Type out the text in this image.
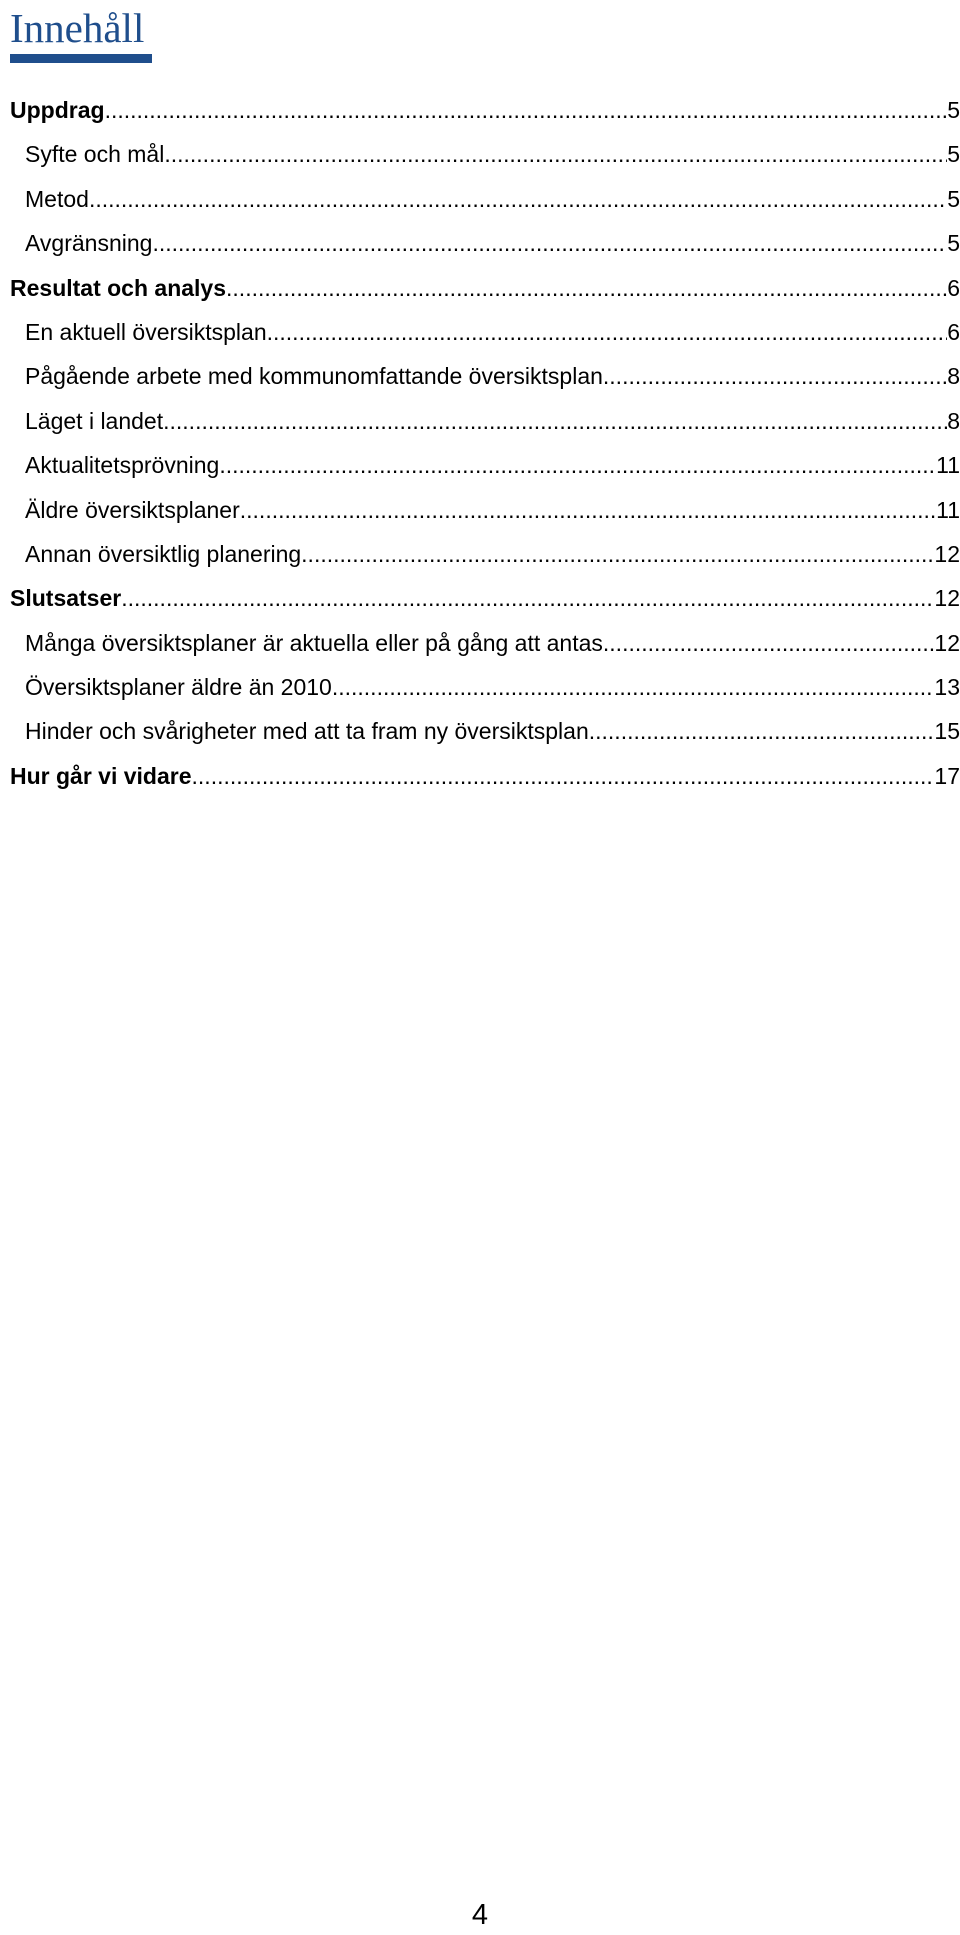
Innehåll
Uppdrag .....	5
Syfte och mål .....	5
Metod .....	5
Avgränsning .....	5
Resultat och analys .....	6
En aktuell översiktsplan .....	6
Pågående arbete med kommunomfattande översiktsplan .....	8
Läget i landet .....	8
Aktualitetsprövning .....	11
Äldre översiktsplaner .....	11
Annan översiktlig planering .....	12
Slutsatser .....	12
Många översiktsplaner är aktuella eller på gång att antas .....	12
Översiktsplaner äldre än 2010 .....	13
Hinder och svårigheter med att ta fram ny översiktsplan .....	15
Hur går vi vidare .....	17
4
